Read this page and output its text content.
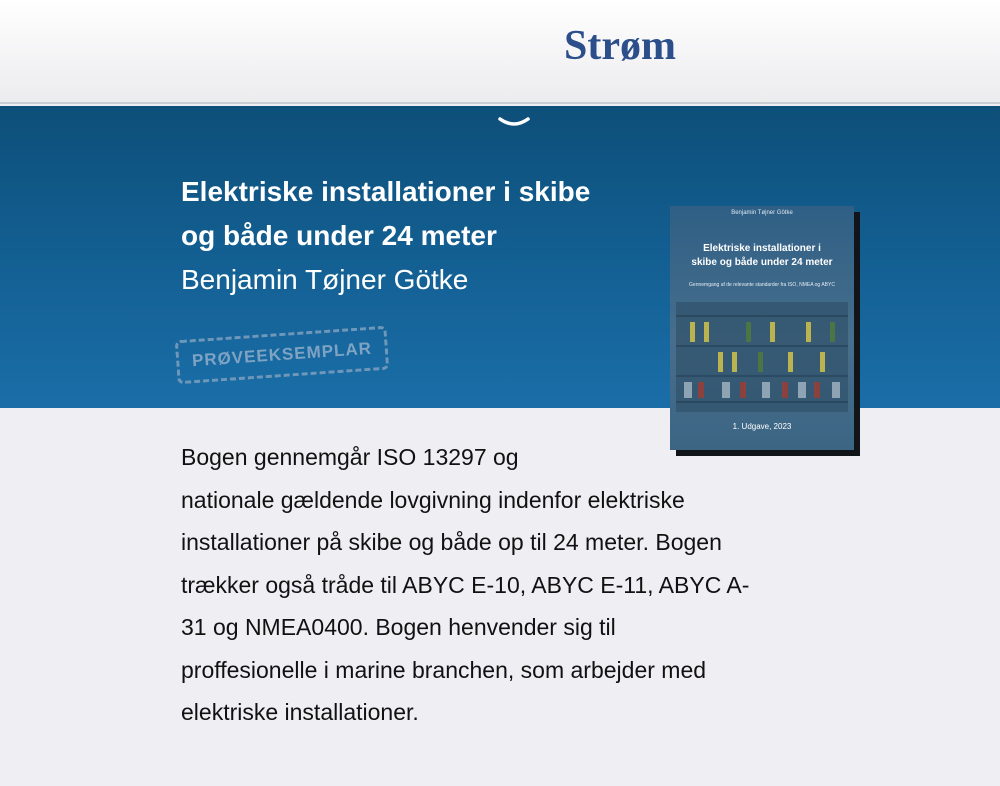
Strøm
Elektriske installationer i skibe
og både under 24 meter
Benjamin Tøjner Götke
PRØVEEKSEMPLAR
Benjamin Tøjner Götke
Elektriske installationer i
skibe og både under 24 meter
Gennemgang af de relevante standarder fra ISO, NMEA og ABYC
1. Udgave, 2023
Bogen gennemgår ISO 13297 og
nationale gældende lovgivning indenfor elektriske
installationer på skibe og både op til 24 meter. Bogen
trækker også tråde til ABYC E-10, ABYC E-11, ABYC A-
31 og NMEA0400. Bogen henvender sig til
proffesionelle i marine branchen, som arbejder med
elektriske installationer.
